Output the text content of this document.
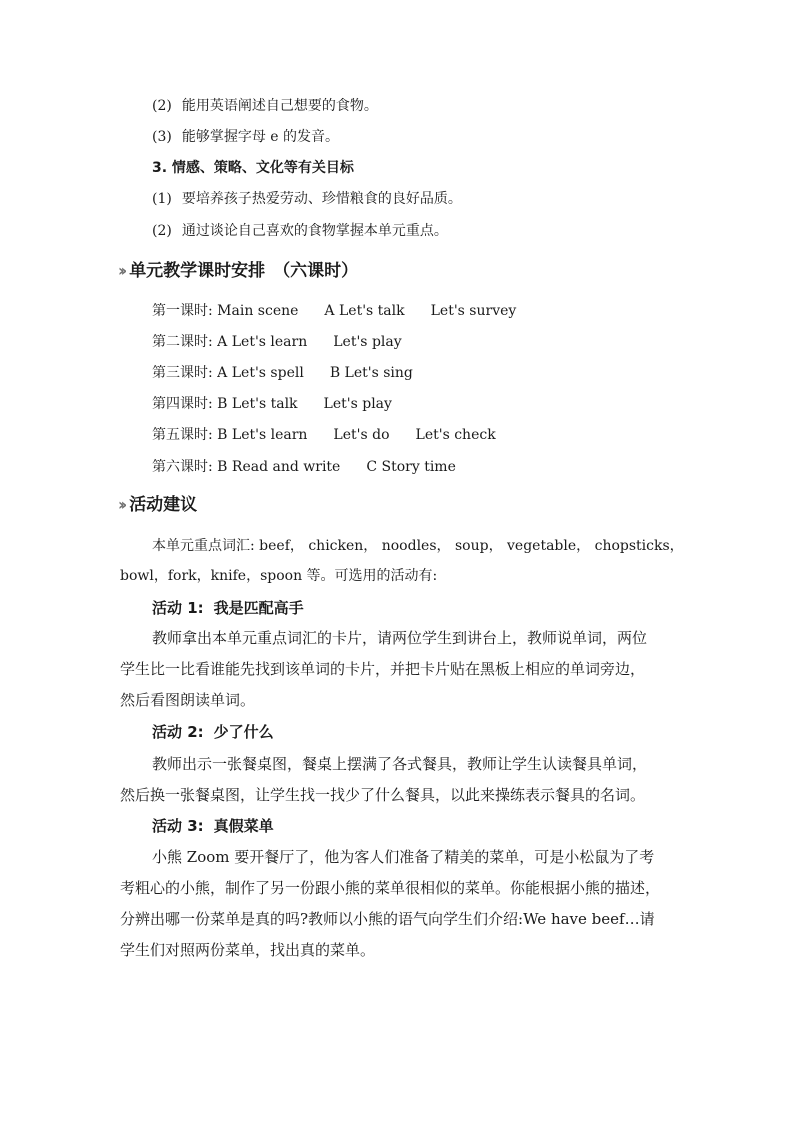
(2) 能用英语阐述自己想要的食物。
(3) 能够掌握字母 e 的发音。
3. 情感、策略、文化等有关目标
(1) 要培养孩子热爱劳动、珍惜粮食的良好品质。
(2) 通过谈论自己喜欢的食物掌握本单元重点。
›› 单元教学课时安排 （六课时）
第一课时: Main scene A Let's talk Let's survey
第二课时: A Let's learn Let's play
第三课时: A Let's spell B Let's sing
第四课时: B Let's talk Let's play
第五课时: B Let's learn Let's do Let's check
第六课时: B Read and write C Story time
›› 活动建议
本单元重点词汇: beef， chicken， noodles， soup， vegetable， chopsticks，
bowl，fork，knife，spoon 等。可选用的活动有:
活动 1: 我是匹配高手
教师拿出本单元重点词汇的卡片，请两位学生到讲台上，教师说单词，两位
学生比一比看谁能先找到该单词的卡片，并把卡片贴在黑板上相应的单词旁边，
然后看图朗读单词。
活动 2: 少了什么
教师出示一张餐桌图，餐桌上摆满了各式餐具，教师让学生认读餐具单词，
然后换一张餐桌图，让学生找一找少了什么餐具，以此来操练表示餐具的名词。
活动 3: 真假菜单
小熊 Zoom 要开餐厅了，他为客人们准备了精美的菜单，可是小松鼠为了考
考粗心的小熊，制作了另一份跟小熊的菜单很相似的菜单。你能根据小熊的描述，
分辨出哪一份菜单是真的吗?教师以小熊的语气向学生们介绍:We have beef…请
学生们对照两份菜单，找出真的菜单。
